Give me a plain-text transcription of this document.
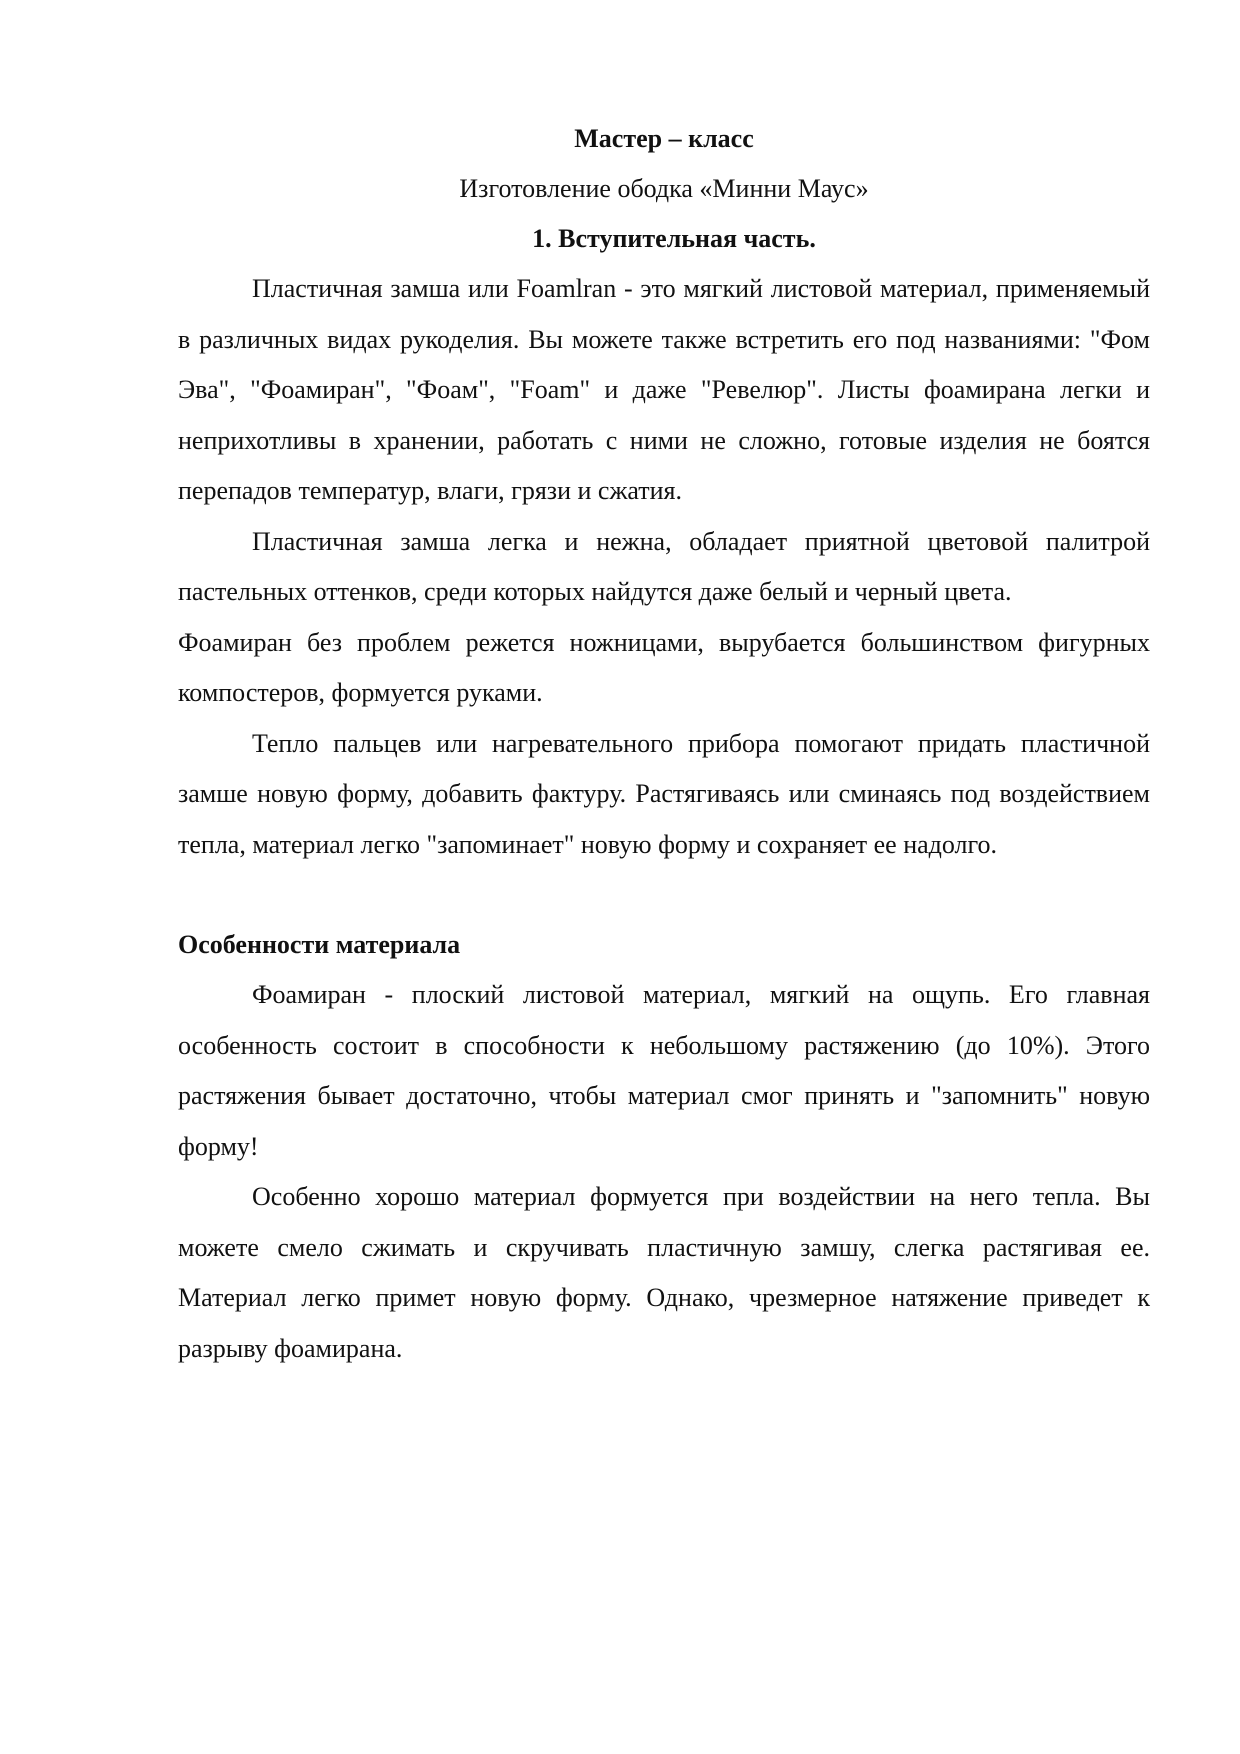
Мастер – класс

Изготовление ободка «Минни Маус»

1. Вступительная часть.

Пластичная замша или Foamlran - это мягкий листовой материал, применяемый в различных видах рукоделия. Вы можете также встретить его под названиями: "Фом Эва", "Фоамиран", "Фоам", "Foam" и даже "Ревелюр". Листы фоамирана легки и неприхотливы в хранении, работать с ними не сложно, готовые изделия не боятся перепадов температур, влаги, грязи и сжатия.

Пластичная замша легка и нежна, обладает приятной цветовой палитрой пастельных оттенков, среди которых найдутся даже белый и черный цвета.

Фоамиран без проблем режется ножницами, вырубается большинством фигурных компостеров, формуется руками.

Тепло пальцев или нагревательного прибора помогают придать пластичной замше новую форму, добавить фактуру. Растягиваясь или сминаясь под воздействием тепла, материал легко "запоминает" новую форму и сохраняет ее надолго.

Особенности материала

Фоамиран - плоский листовой материал, мягкий на ощупь. Его главная особенность состоит в способности к небольшому растяжению (до 10%). Этого растяжения бывает достаточно, чтобы материал смог принять и "запомнить" новую форму!

Особенно хорошо материал формуется при воздействии на него тепла. Вы можете смело сжимать и скручивать пластичную замшу, слегка растягивая ее. Материал легко примет новую форму. Однако, чрезмерное натяжение приведет к разрыву фоамирана.
